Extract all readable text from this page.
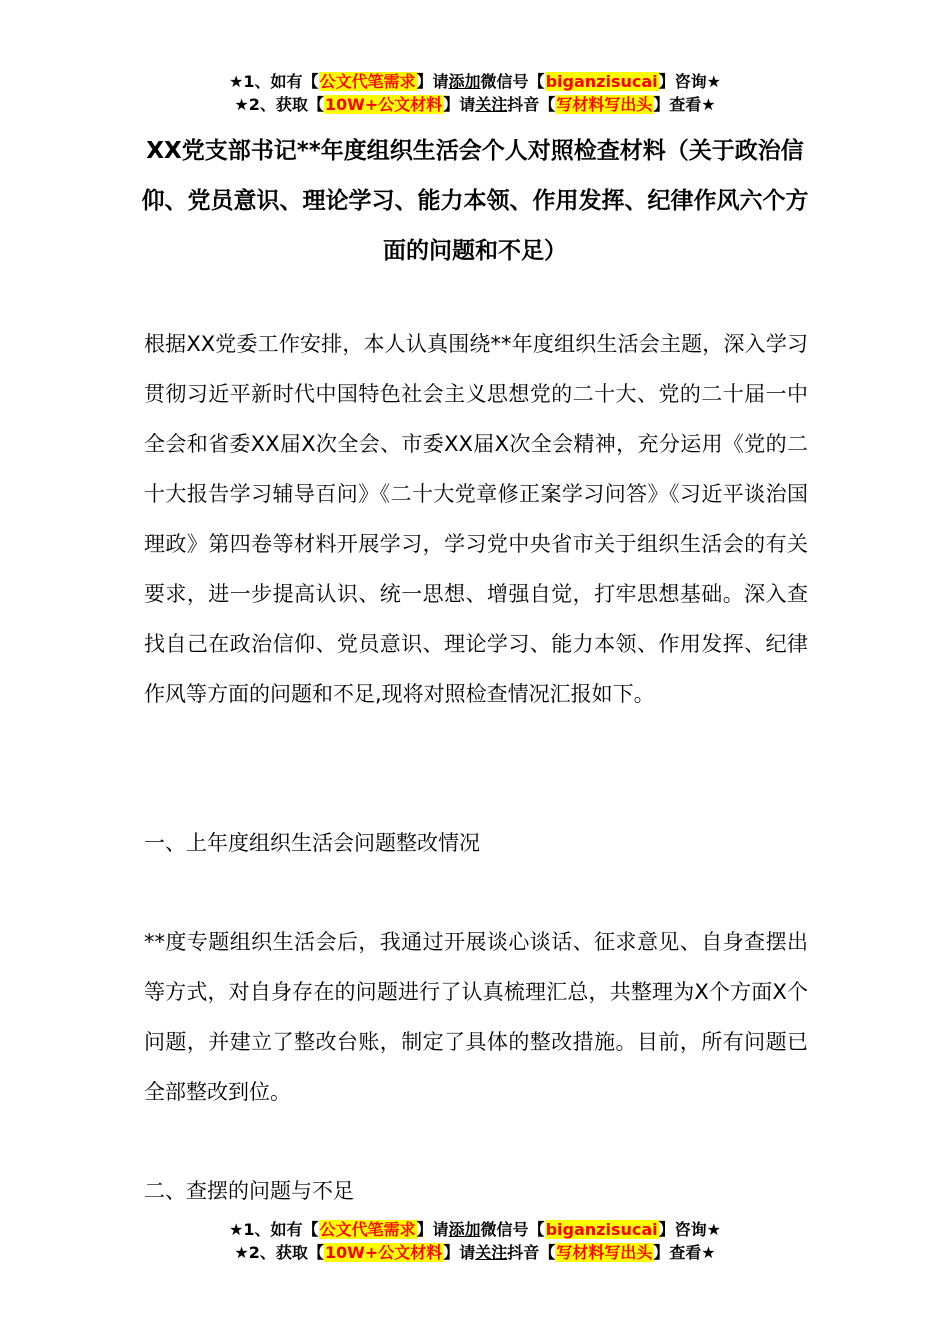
★1、如有【公文代笔需求】请添加微信号【biganzisucai】咨询★
★2、获取【10W+公文材料】请关注抖音【写材料写出头】查看★
XX党支部书记**年度组织生活会个人对照检查材料（关于政治信仰、党员意识、理论学习、能力本领、作用发挥、纪律作风六个方面的问题和不足）
根据XX党委工作安排，本人认真围绕**年度组织生活会主题，深入学习贯彻习近平新时代中国特色社会主义思想党的二十大、党的二十届一中全会和省委XX届X次全会、市委XX届X次全会精神，充分运用《党的二十大报告学习辅导百问》《二十大党章修正案学习问答》《习近平谈治国理政》第四卷等材料开展学习，学习党中央省市关于组织生活会的有关要求，进一步提高认识、统一思想、增强自觉，打牢思想基础。深入查找自己在政治信仰、党员意识、理论学习、能力本领、作用发挥、纪律作风等方面的问题和不足,现将对照检查情况汇报如下。
一、上年度组织生活会问题整改情况
**度专题组织生活会后，我通过开展谈心谈话、征求意见、自身查摆出等方式，对自身存在的问题进行了认真梳理汇总，共整理为X个方面X个问题，并建立了整改台账，制定了具体的整改措施。目前，所有问题已全部整改到位。
二、查摆的问题与不足
★1、如有【公文代笔需求】请添加微信号【biganzisucai】咨询★
★2、获取【10W+公文材料】请关注抖音【写材料写出头】查看★
